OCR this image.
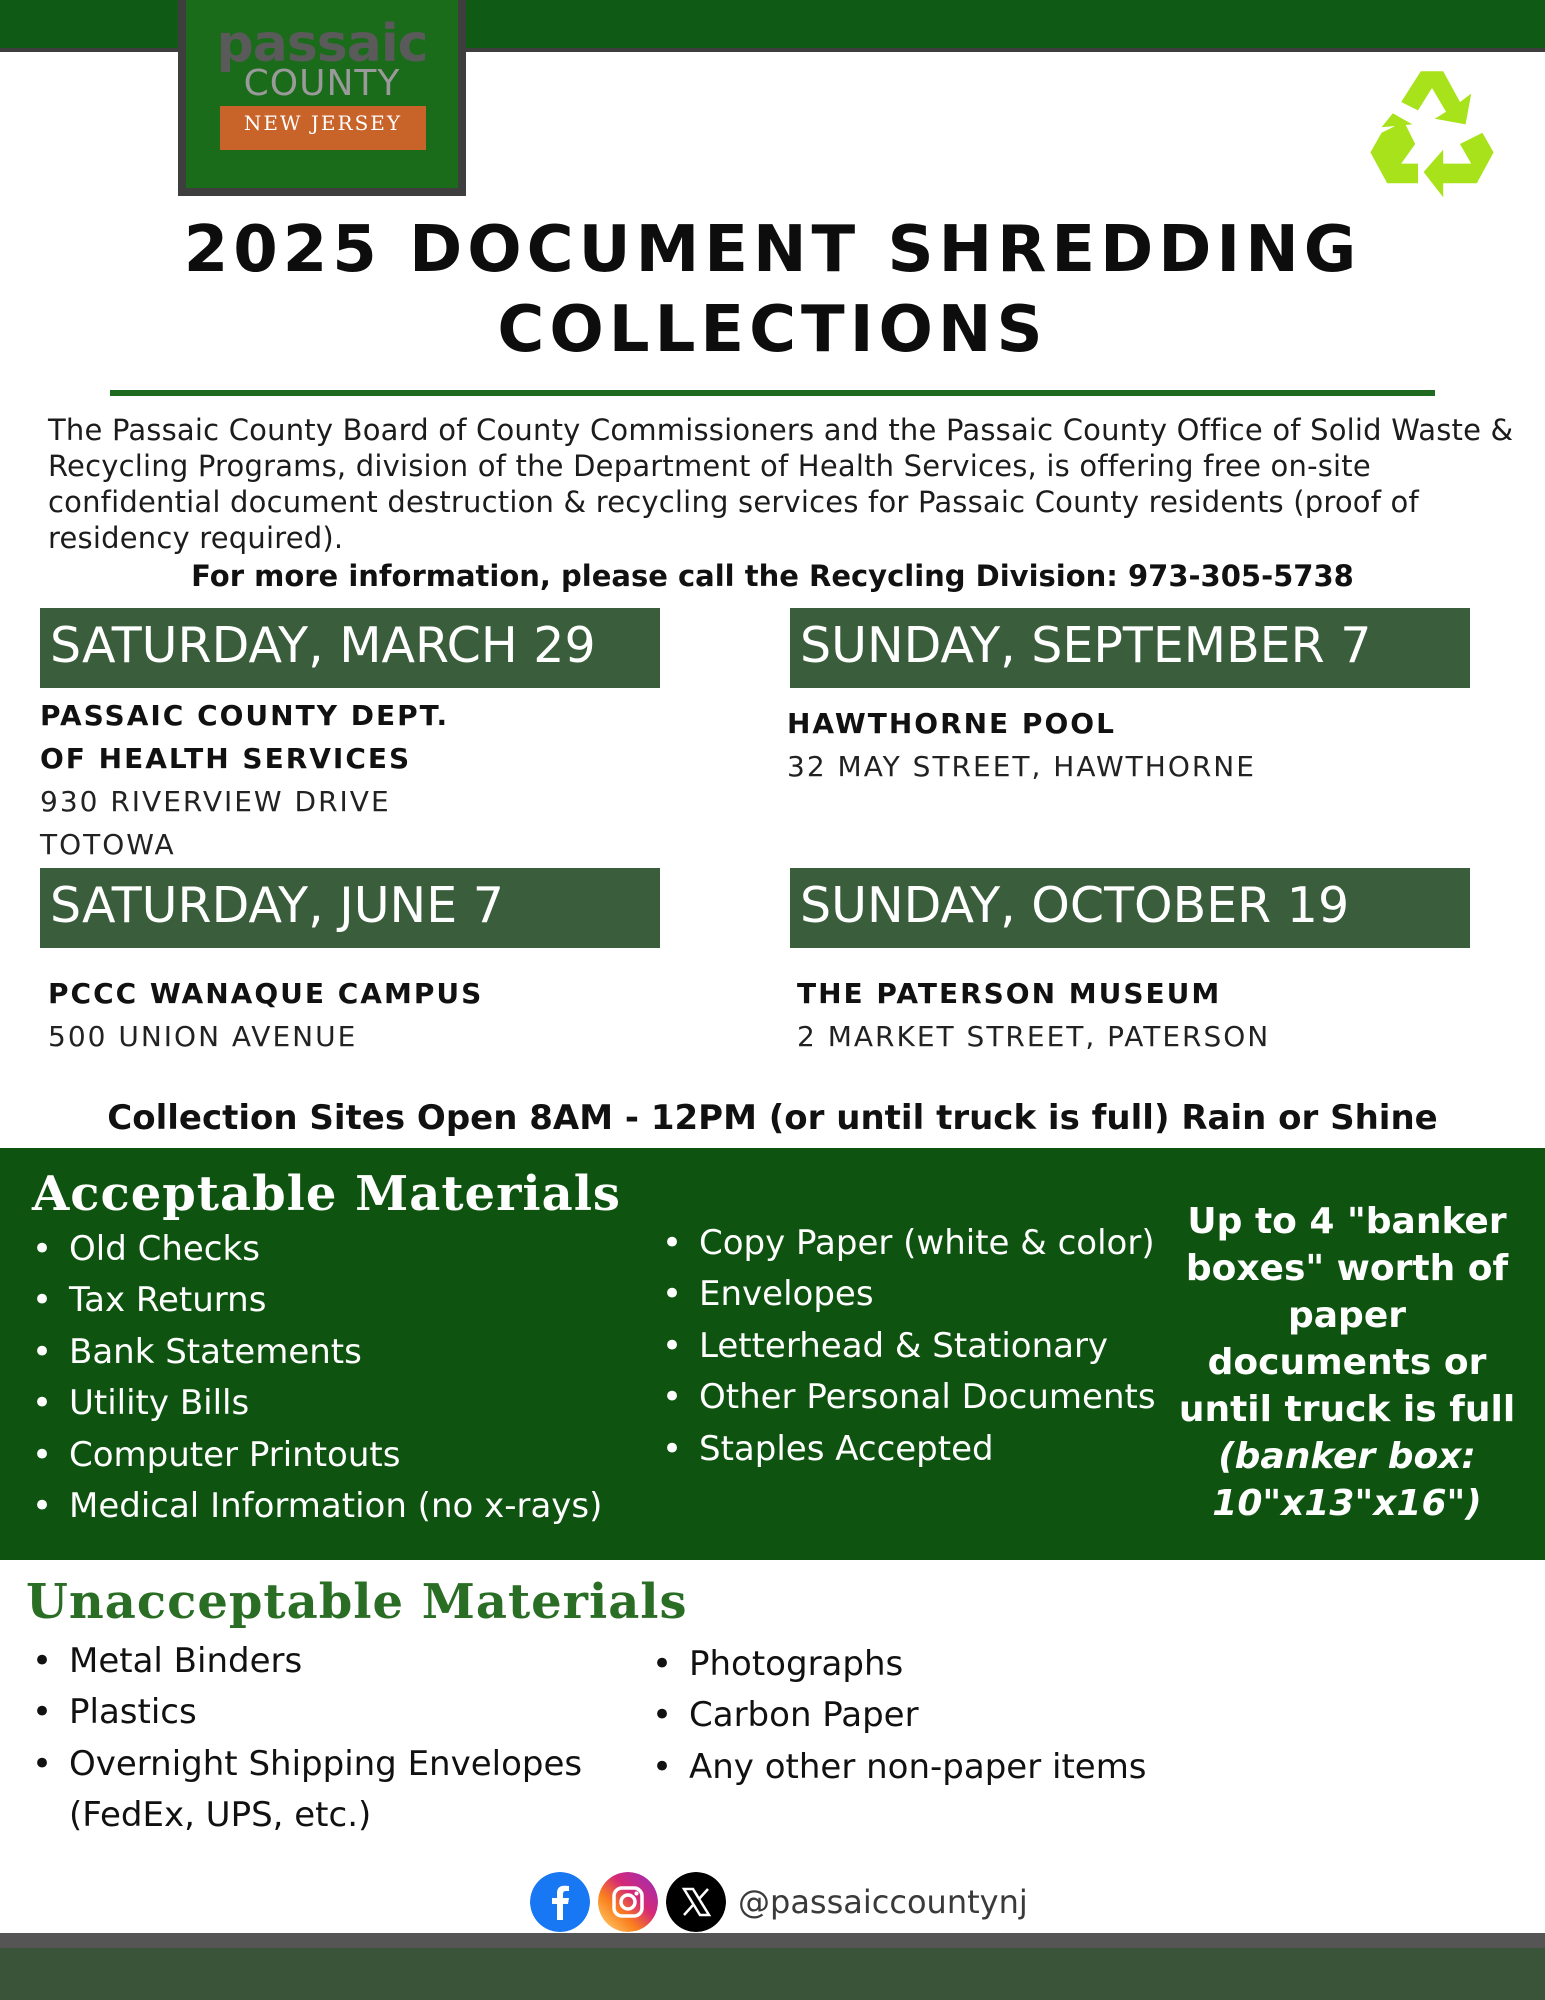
passaic
COUNTY
NEW JERSEY
2025 DOCUMENT SHREDDING
COLLECTIONS
The Passaic County Board of County Commissioners and the Passaic County Office of Solid Waste & Recycling Programs, division of the Department of Health Services, is offering free on-site confidential document destruction & recycling services for Passaic County residents (proof of residency required).
For more information, please call the Recycling Division: 973-305-5738
SATURDAY, MARCH 29
PASSAIC COUNTY DEPT.
OF HEALTH SERVICES
930 RIVERVIEW DRIVE
TOTOWA
SUNDAY, SEPTEMBER 7
HAWTHORNE POOL
32 MAY STREET, HAWTHORNE
SATURDAY, JUNE 7
PCCC WANAQUE CAMPUS
500 UNION AVENUE
SUNDAY, OCTOBER 19
THE PATERSON MUSEUM
2 MARKET STREET, PATERSON
Collection Sites Open 8AM - 12PM (or until truck is full) Rain or Shine
Acceptable Materials
• Old Checks
• Tax Returns
• Bank Statements
• Utility Bills
• Computer Printouts
• Medical Information (no x-rays)
• Copy Paper (white & color)
• Envelopes
• Letterhead & Stationary
• Other Personal Documents
• Staples Accepted
Up to 4 "banker boxes" worth of paper documents or until truck is full
(banker box: 10"x13"x16")
Unacceptable Materials
• Metal Binders
• Plastics
• Overnight Shipping Envelopes
(FedEx, UPS, etc.)
• Photographs
• Carbon Paper
• Any other non-paper items
@passaiccountynj
